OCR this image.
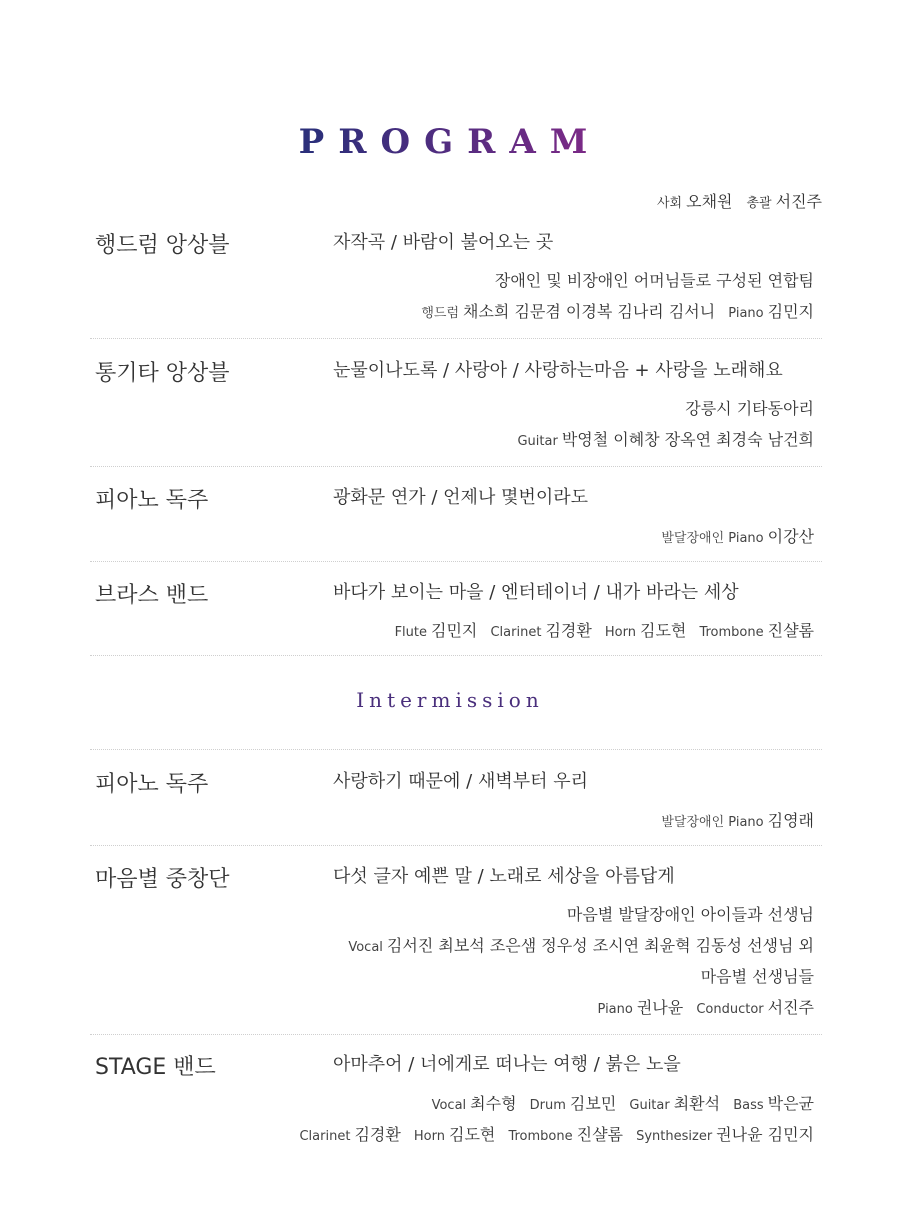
PROGRAM
사회 오채원 총괄 서진주
행드럼 앙상블	자작곡 / 바람이 불어오는 곳
장애인 및 비장애인 어머님들로 구성된 연합팀
행드럼 채소희 김문겸 이경복 김나리 김서니 Piano 김민지
통기타 앙상블	눈물이나도록 / 사랑아 / 사랑하는마음 + 사랑을 노래해요
강릉시 기타동아리
Guitar 박영철 이혜창 장옥연 최경숙 남건희
피아노 독주	광화문 연가 / 언제나 몇번이라도
발달장애인 Piano 이강산
브라스 밴드	바다가 보이는 마을 / 엔터테이너 / 내가 바라는 세상
Flute 김민지 Clarinet 김경환 Horn 김도현 Trombone 진샬롬
Intermission
피아노 독주	사랑하기 때문에 / 새벽부터 우리
발달장애인 Piano 김영래
마음별 중창단	다섯 글자 예쁜 말 / 노래로 세상을 아름답게
마음별 발달장애인 아이들과 선생님
Vocal 김서진 최보석 조은샘 정우성 조시연 최윤혁 김동성 선생님 외
마음별 선생님들
Piano 권나윤 Conductor 서진주
STAGE 밴드	아마추어 / 너에게로 떠나는 여행 / 붉은 노을
Vocal 최수형 Drum 김보민 Guitar 최환석 Bass 박은균
Clarinet 김경환 Horn 김도현 Trombone 진샬롬 Synthesizer 권나윤 김민지
